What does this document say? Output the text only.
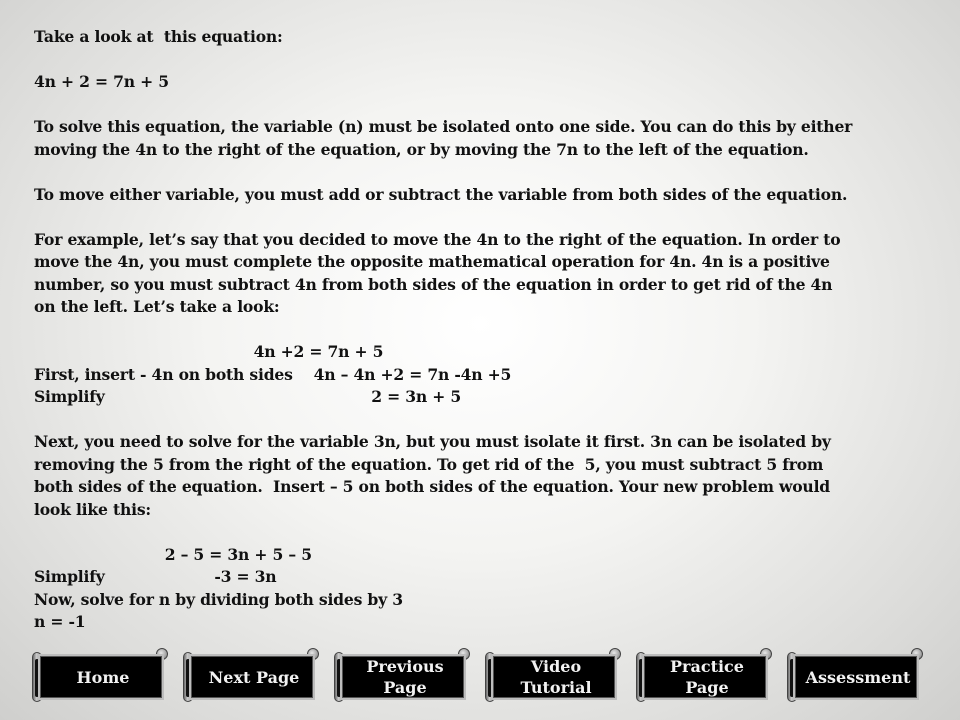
Take a look at  this equation:
4n + 2 = 7n + 5
To solve this equation, the variable (n) must be isolated onto one side. You can do this by either
moving the 4n to the right of the equation, or by moving the 7n to the left of the equation.
To move either variable, you must add or subtract the variable from both sides of the equation.
For example, let’s say that you decided to move the 4n to the right of the equation. In order to
move the 4n, you must complete the opposite mathematical operation for 4n. 4n is a positive
number, so you must subtract 4n from both sides of the equation in order to get rid of the 4n
on the left. Let’s take a look:
4n +2 = 7n + 5
First, insert - 4n on both sides    4n – 4n +2 = 7n -4n +5
Simplify                                                   2 = 3n + 5
Next, you need to solve for the variable 3n, but you must isolate it first. 3n can be isolated by
removing the 5 from the right of the equation. To get rid of the  5, you must subtract 5 from
both sides of the equation.  Insert – 5 on both sides of the equation. Your new problem would
look like this:
2 – 5 = 3n + 5 – 5
Simplify                     -3 = 3n
Now, solve for n by dividing both sides by 3
n = -1
Home	Next Page
Previous Page
Video Tutorial
Practice Page
Assessment
